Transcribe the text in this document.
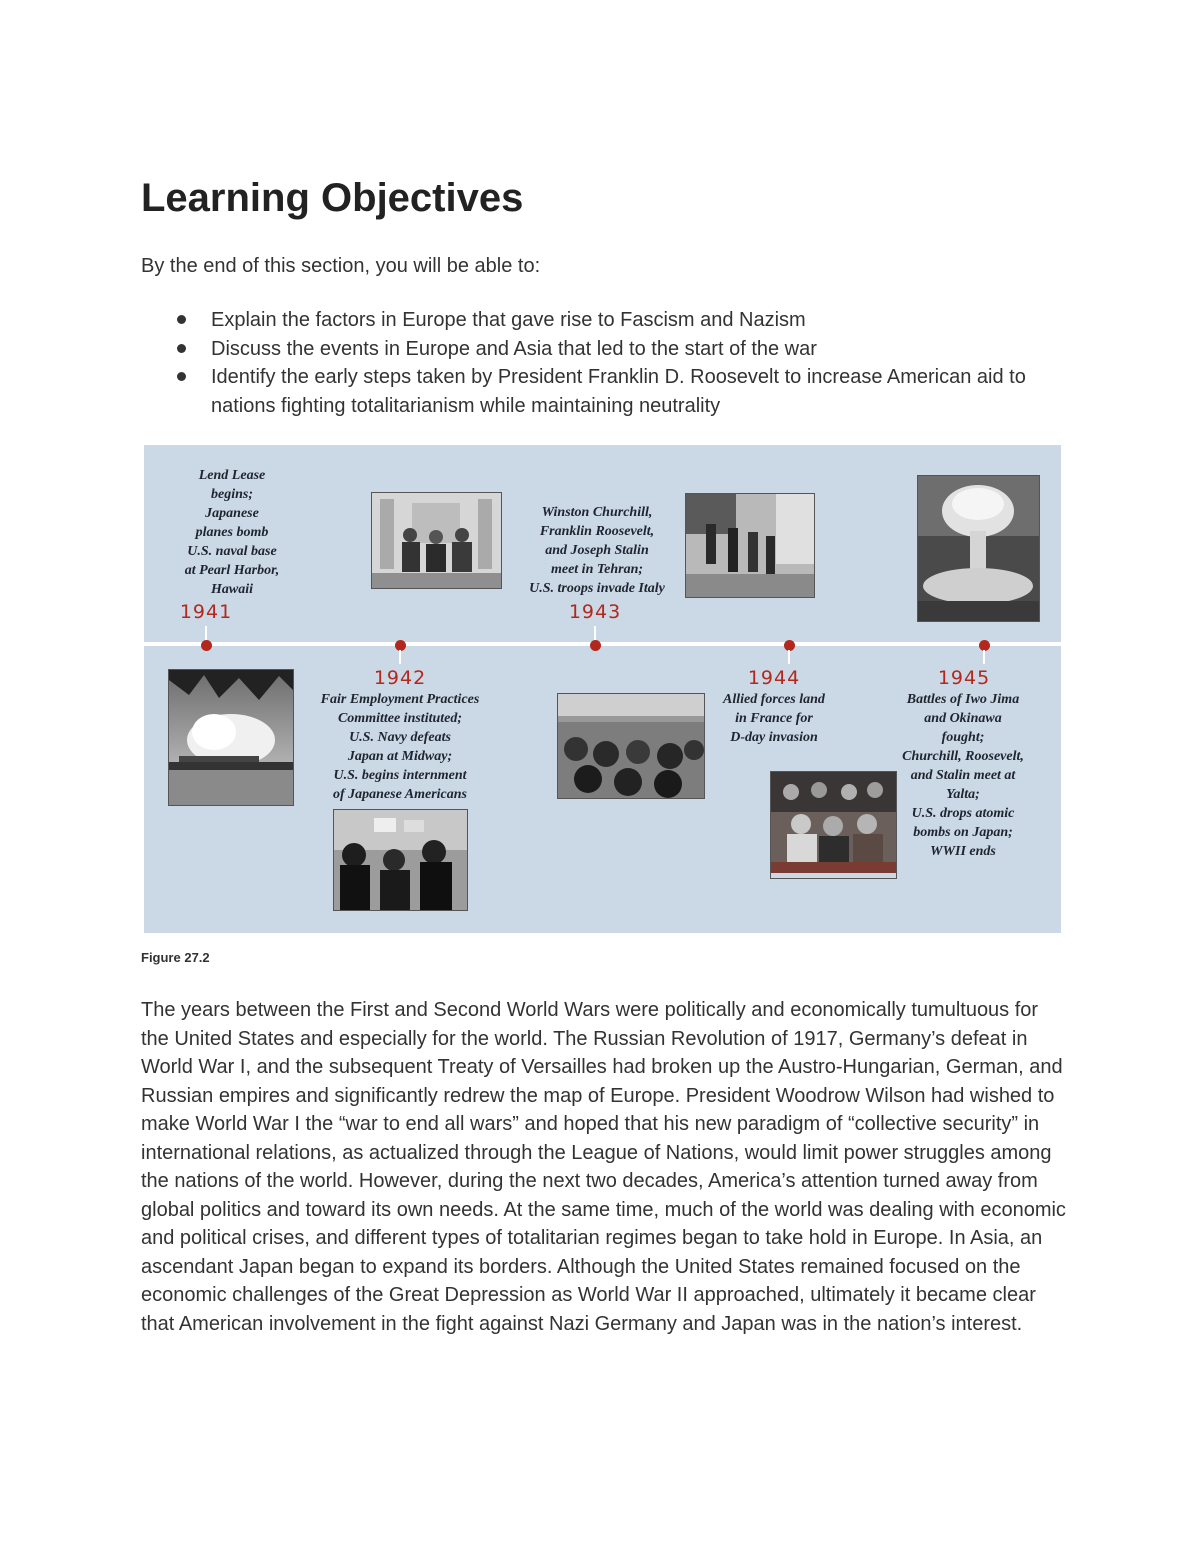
Learning Objectives

By the end of this section, you will be able to:

Explain the factors in Europe that gave rise to Fascism and Nazism
Discuss the events in Europe and Asia that led to the start of the war
Identify the early steps taken by President Franklin D. Roosevelt to increase American aid to nations fighting totalitarianism while maintaining neutrality
Lend Lease
begins;
Japanese
planes bomb
U.S. naval base
at Pearl Harbor,
Hawaii
1941
1942
Fair Employment Practices
Committee instituted;
U.S. Navy defeats
Japan at Midway;
U.S. begins internment
of Japanese Americans
Winston Churchill,
Franklin Roosevelt,
and Joseph Stalin
meet in Tehran;
U.S. troops invade Italy
1943
1944
Allied forces land
in France for
D-day invasion
1945
Battles of Iwo Jima
and Okinawa
fought;
Churchill, Roosevelt,
and Stalin meet at
Yalta;
U.S. drops atomic
bombs on Japan;
WWII ends

Figure 27.2

The years between the First and Second World Wars were politically and economically tumultuous for the United States and especially for the world. The Russian Revolution of 1917, Germany’s defeat in World War I, and the subsequent Treaty of Versailles had broken up the Austro-Hungarian, German, and Russian empires and significantly redrew the map of Europe. President Woodrow Wilson had wished to make World War I the “war to end all wars” and hoped that his new paradigm of “collective security” in international relations, as actualized through the League of Nations, would limit power struggles among the nations of the world. However, during the next two decades, America’s attention turned away from global politics and toward its own needs. At the same time, much of the world was dealing with economic and political crises, and different types of totalitarian regimes began to take hold in Europe. In Asia, an ascendant Japan began to expand its borders. Although the United States remained focused on the economic challenges of the Great Depression as World War II approached, ultimately it became clear that American involvement in the fight against Nazi Germany and Japan was in the nation’s interest.
